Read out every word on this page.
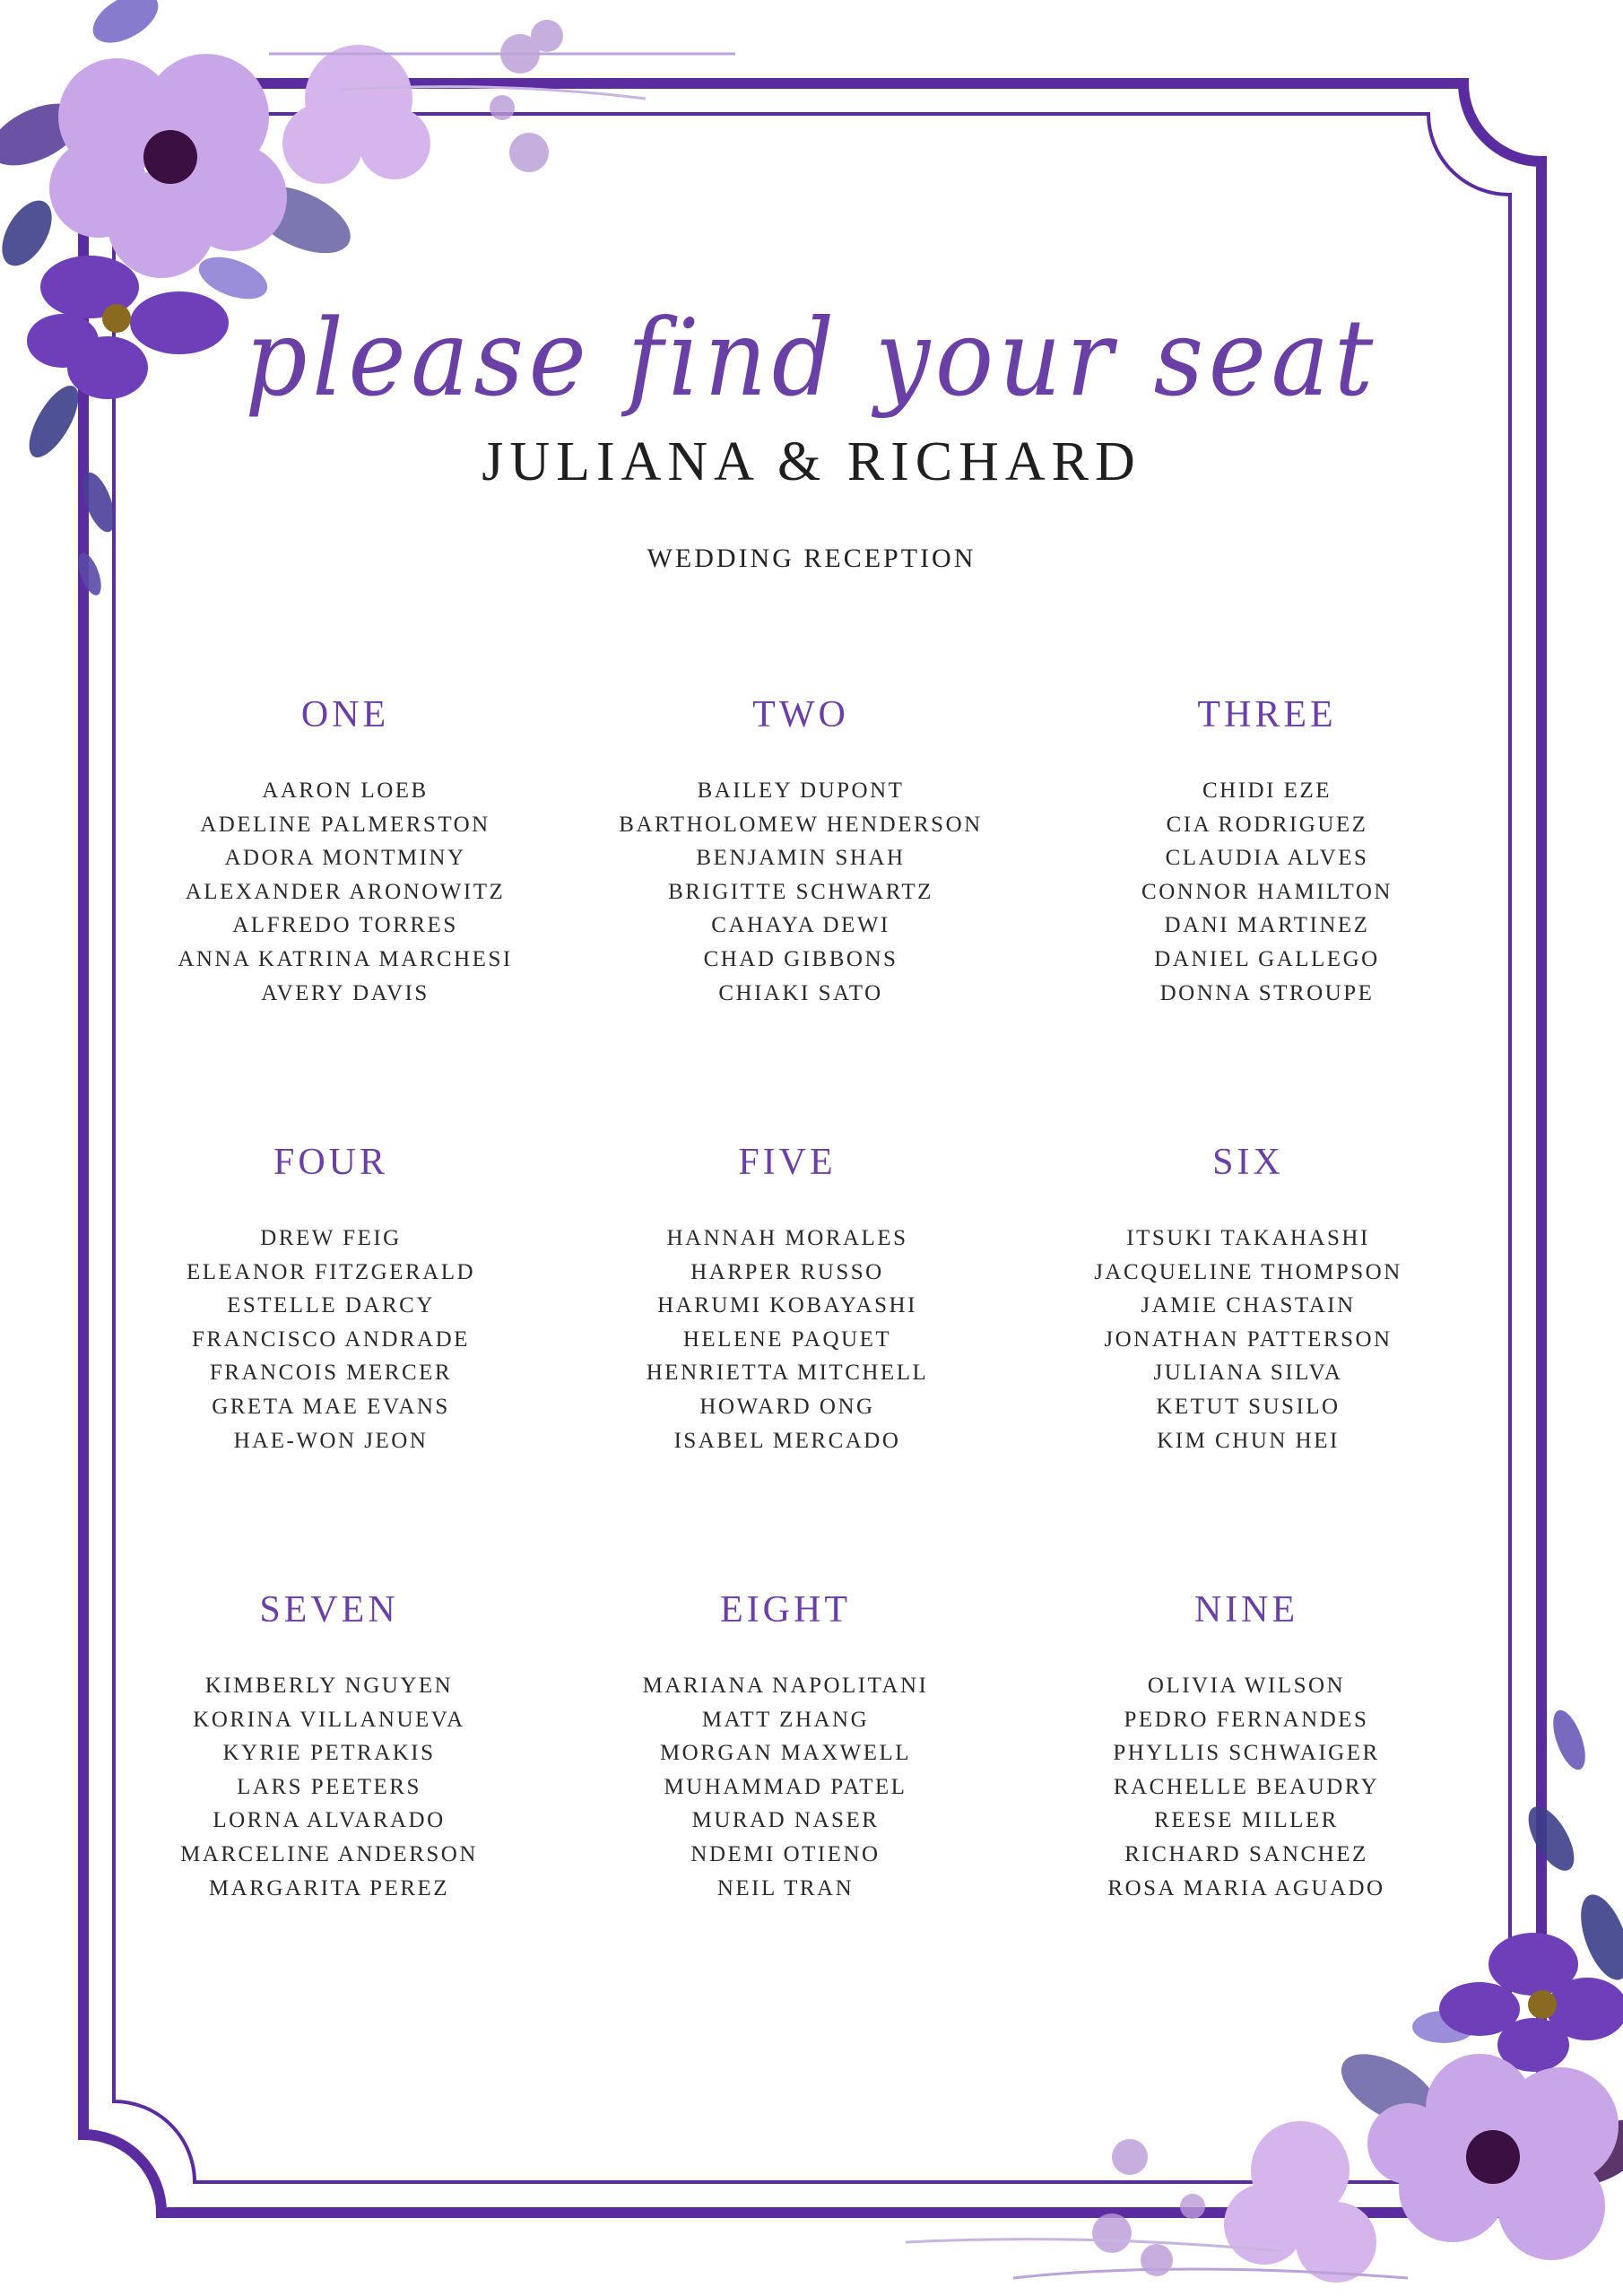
please find your seat
JULIANA & RICHARD
WEDDING RECEPTION
ONE
AARON LOEB
ADELINE PALMERSTON
ADORA MONTMINY
ALEXANDER ARONOWITZ
ALFREDO TORRES
ANNA KATRINA MARCHESI
AVERY DAVIS
TWO
BAILEY DUPONT
BARTHOLOMEW HENDERSON
BENJAMIN SHAH
BRIGITTE SCHWARTZ
CAHAYA DEWI
CHAD GIBBONS
CHIAKI SATO
THREE
CHIDI EZE
CIA RODRIGUEZ
CLAUDIA ALVES
CONNOR HAMILTON
DANI MARTINEZ
DANIEL GALLEGO
DONNA STROUPE
FOUR
DREW FEIG
ELEANOR FITZGERALD
ESTELLE DARCY
FRANCISCO ANDRADE
FRANCOIS MERCER
GRETA MAE EVANS
HAE-WON JEON
FIVE
HANNAH MORALES
HARPER RUSSO
HARUMI KOBAYASHI
HELENE PAQUET
HENRIETTA MITCHELL
HOWARD ONG
ISABEL MERCADO
SIX
ITSUKI TAKAHASHI
JACQUELINE THOMPSON
JAMIE CHASTAIN
JONATHAN PATTERSON
JULIANA SILVA
KETUT SUSILO
KIM CHUN HEI
SEVEN
KIMBERLY NGUYEN
KORINA VILLANUEVA
KYRIE PETRAKIS
LARS PEETERS
LORNA ALVARADO
MARCELINE ANDERSON
MARGARITA PEREZ
EIGHT
MARIANA NAPOLITANI
MATT ZHANG
MORGAN MAXWELL
MUHAMMAD PATEL
MURAD NASER
NDEMI OTIENO
NEIL TRAN
NINE
OLIVIA WILSON
PEDRO FERNANDES
PHYLLIS SCHWAIGER
RACHELLE BEAUDRY
REESE MILLER
RICHARD SANCHEZ
ROSA MARIA AGUADO
